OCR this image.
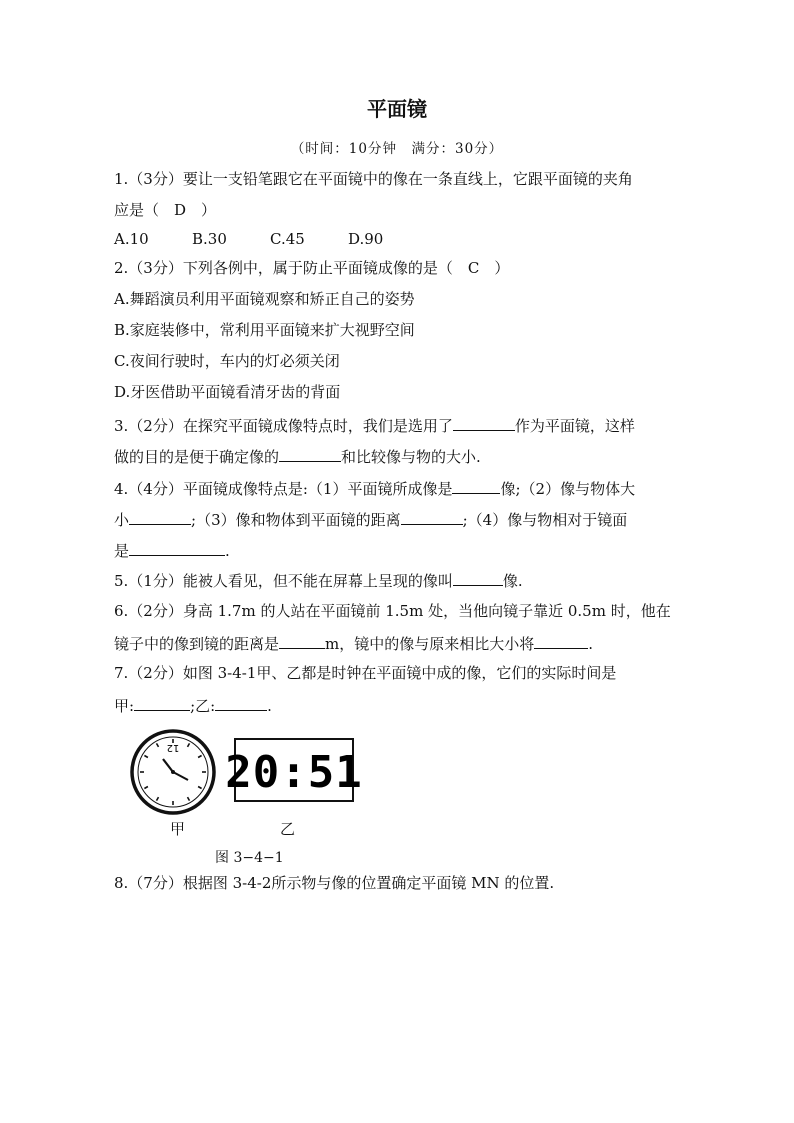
平面镜
（时间：10分钟　满分：30分）
1.（3分）要让一支铅笔跟它在平面镜中的像在一条直线上，它跟平面镜的夹角
应是（　D　）
A.10	B.30	C.45	D.90
2.（3分）下列各例中，属于防止平面镜成像的是（　C　）
A.舞蹈演员利用平面镜观察和矫正自己的姿势
B.家庭装修中，常利用平面镜来扩大视野空间
C.夜间行驶时，车内的灯必须关闭
D.牙医借助平面镜看清牙齿的背面
3.（2分）在探究平面镜成像特点时，我们是选用了	作为平面镜，这样
做的目的是便于确定像的	和比较像与物的大小.
4.（4分）平面镜成像特点是:（1）平面镜所成像是	像;（2）像与物体大
小	;（3）像和物体到平面镜的距离	;（4）像与物相对于镜面
是	.
5.（1分）能被人看见，但不能在屏幕上呈现的像叫	像.
6.（2分）身高 1.7m 的人站在平面镜前 1.5m 处，当他向镜子靠近 0.5m 时，他在
镜子中的像到镜的距离是	m，镜中的像与原来相比大小将	.
7.（2分）如图 3-4-1甲、乙都是时钟在平面镜中成的像，它们的实际时间是
甲:	;乙:	.
12 20:51
甲	乙
图 3−4−1
8.（7分）根据图 3-4-2所示物与像的位置确定平面镜 MN 的位置.
